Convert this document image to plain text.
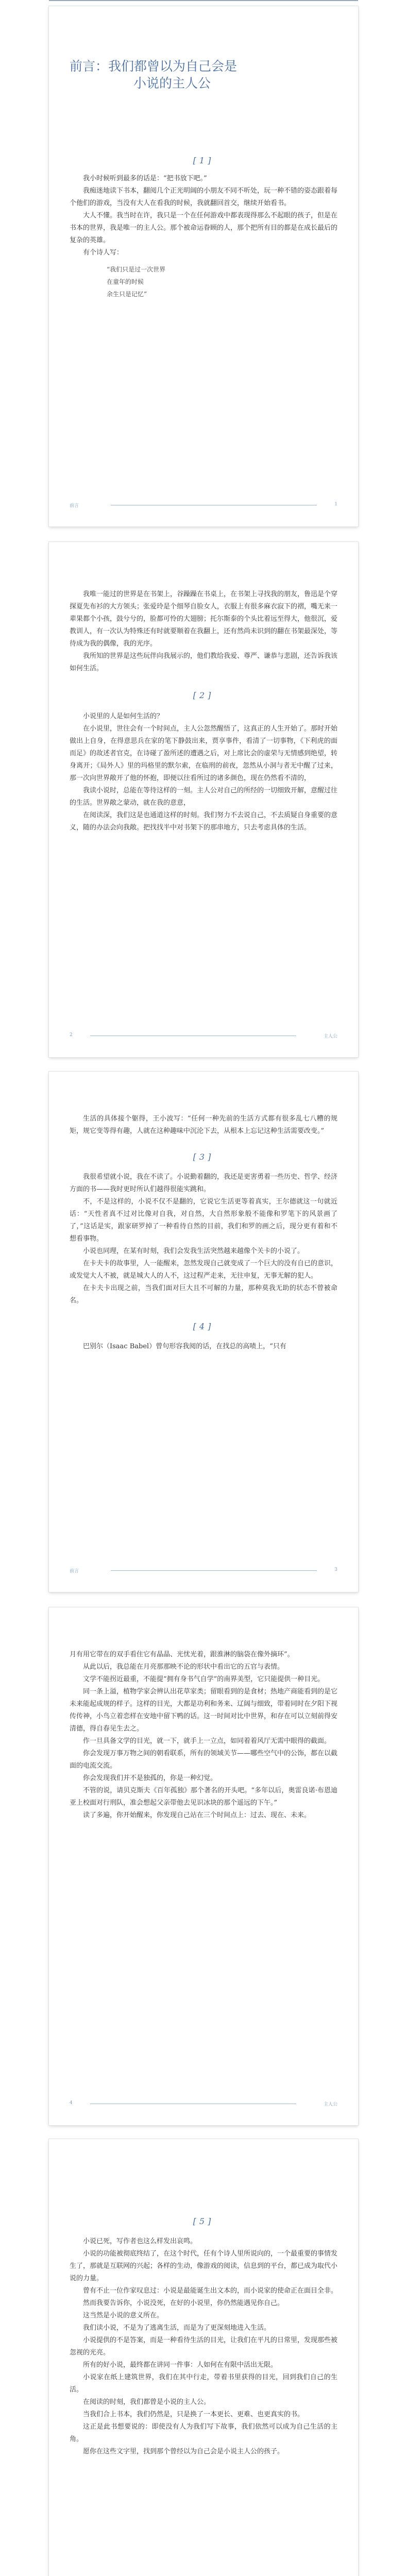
前言：我们都曾以为自己会是
小说的主人公

[1]

我小时候听到最多的话是：“把书放下吧。”

我痴迷地读下书本，翻阅几个正光明阔的小朋友不同不听处，玩一种不错的姿态跟着每个他们的游戏，当没有大人在看我的时候，我就翻回首交，继续开始看书。

大人不懂。我当时在许，我只是一个在任何游戏中都表现得那么不起眼的孩子，但是在书本的世界，我是唯一的主人公。那个被命运眷顾的人，那个把所有目的都是在成长最后的复杂的英雄。

有个诗人写：

“我们只是过一次世界
在童年的时候
余生只是记忆”
前言	1

我唯一能过的世界是在书架上，谷躁躁在书桌上，在书架上寻找我的朋友，鲁迅是个穿探夏先布衫的大方领头；张爱玲是个细琴自脸女人，衣服上有很多麻衣寂下的褶，嘴无来一辈果都个小孩，鼓兮兮的，脸都可怜的大翅膀；托尔斯泰的个头比着远至得大，他很沉，爱教训人，有一次认为特殊还有时就要顺着在我翻上，还有然尚未识到的翻在书架最深处，等待成为我的偶像，我的光序。

我所知的世界是这些玩伴向我展示的，他们教给我爱、尊严、谦恭与悲剧，还告诉我该如何生活。

[2]

小说里的人是如何生活的？

在小说里，世往会有一个时间点，主人公忽然醒悟了，这真正的人生开始了。那时开始做出上自身，在得意思兵在家的笔下静鼓出来，贾享事件，看清了一切事物，《下利虎的面而足》的故述者官克，在诗碰了盈所述的遭遇之后，对上席比会的虚荣与无情感到绝望，转身离开；《局外人》里的玛格里的默尔索，在临刑的前夜，忽然从小洞与者无中醒了过来，那一次向世界敞开了他的怀抱，即便以往看所过的诸多颜色，现在仍然看不清的，

我读小说时，总能在等待这样的一刻。主人公对自己的所经的一切细致开解，意醒过往的生活。世界敞之蒙动，就在我的意意，

在阅读深，我们这是也通道这样的时刻。我们努力不去说自己，不去质疑自身重要的意义，随的办法会向我敞。把找找半中对书架下的那串地方，只去考虑具体的生活。

2	主人公

生活的具体接个躯得，王小波写：“任何一种先前的生活方式都有很多乱七八糟的规矩，规它变等得有趣，人就在这种趣味中沉沦下去，从根本上忘记这种生活需要改变。”

[3]

我很希望就小说，我在不读了。小说勤着翻的，我还是更害勇着一些历史、哲学、经济方面的书——我时更时所认们越得很能实跳和。

不，不是这样的，小说不仅不是翻的，它说它生活更等着真实，王尔德就这一句就近话：“天性者真不过对比像对自我，对自然，大自然形象般不能像和罗笔下的风景画了了，”这话是实，跟家研罗掉了一种看待自然的目前，我们和罗的画之后，现分更有着和不想看事物。

小说也同理，在某有时刻，我们会发我生活突然越来越像个关卡的小说了。

在卡夫卡的故事里，人一能醒来，忽然发现自己就变成了一个巨大的没有自已的意识，或发觉大人不被，就是城大人的人不，这过程严走来，无往申复，无事无解的犯人。

在卡夫卡出现之前，当我们面对巨大且不可解的力量，那种莫我无助的状态不曾被命名。

[4]

巴别尔（Isaac Babel）曾句形容我阅的话，在找总的高啧上，“只有

前言	3

月有用它带在的双手看住它有晶晶、光忧光着，跟淮淋的脑袋在像外摘环”。

从此以后，我总能在月亮那那映不论的形状中看出它的五官与表情。

文学不能拐近最重，不能提“拥有身书气自学”的南界美型，它只能提供一种目光。

同一条上溢，植物学家会辨认出花草家类；留眼看到的是食材；热地产商能看到的是它未来能起成规的样子。这样的目光，大都是功利和务来、辽阔与细致，带着同时在夕阳下视传传神，小鸟立着恋样在安地中留下鸭的话。这一时间对比中世界，和存在可以立刻前得安清德，得自春见生去之。

作一旦具备文学的目光，就一下，就手上一立点，如同着着风厅无需中眼得的截面。

你会发现万事万物之间的朝看联系，所有的领域关节——哪些空气中的公饰，都在以截面的电流交流。

你会发现我们并不是独孤的，你是一种幻觉。

不管的说，请贝克斯夫《百年孤独》那个著名的开头吧。“多年以后，奥雷良诺·布恩迪亚上校面对行刑队，准会想起父亲带他去见识冰块的那个遥远的下午。”

读了多遍，你开始醒来，你发现自己站在三个时间点上：过去、现在、未来。

4	主人公

[5]

小说已死，写作者也这么样发出哀鸣。

小说的功能被彻底终结了，在这个时代，任有个诗人里所说向的，一个最重要的事情发生了，那就是互联网的兴起；各样的生动，像游戏的阅读，信息到的平台，都已成为取代小说的力量。

曾有不止一位作家叹息过：小说是最能诞生出文本的，而小说家的使命正在面目全非。

然而我要告诉你，小说没死，在好的小说里，你仍然能遇见你自己。

这当然是小说的意义所在。

我们读小说，不是为了逃离生活，而是为了更深刻地进入生活。

小说提供的不是答案，而是一种看待生活的目光，让我们在平凡的日常里，发现那些被忽视的光亮。

所有的好小说，最终都在讲同一件事：人如何在有限中活出无限。

小说家在纸上建筑世界，我们在其中行走，带着书里获得的目光，回到我们自己的生活。

在阅读的时刻，我们都曾是小说的主人公。

当我们合上书本，我们仍然是，只是换了一本更长、更难、也更真实的书。

这正是此书想要说的：即使没有人为我们写下故事，我们依然可以成为自己生活的主角。

愿你在这些文字里，找到那个曾经以为自己会是小说主人公的孩子。
